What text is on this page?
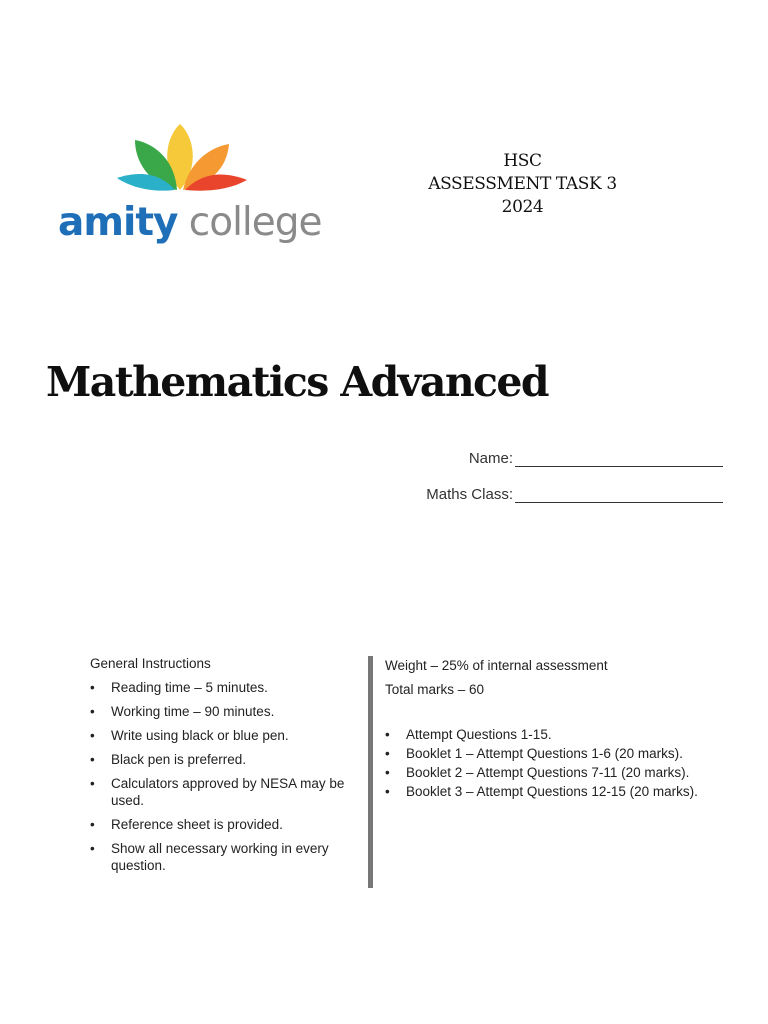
amity college
HSC
ASSESSMENT TASK 3
2024
Mathematics Advanced
Name:
Maths Class:
General Instructions
• Reading time – 5 minutes.
• Working time – 90 minutes.
• Write using black or blue pen.
• Black pen is preferred.
• Calculators approved by NESA may be used.
• Reference sheet is provided.
• Show all necessary working in every question.
Weight – 25% of internal assessment
Total marks – 60
• Attempt Questions 1-15.
• Booklet 1 – Attempt Questions 1-6 (20 marks).
• Booklet 2 – Attempt Questions 7-11 (20 marks).
• Booklet 3 – Attempt Questions 12-15 (20 marks).
